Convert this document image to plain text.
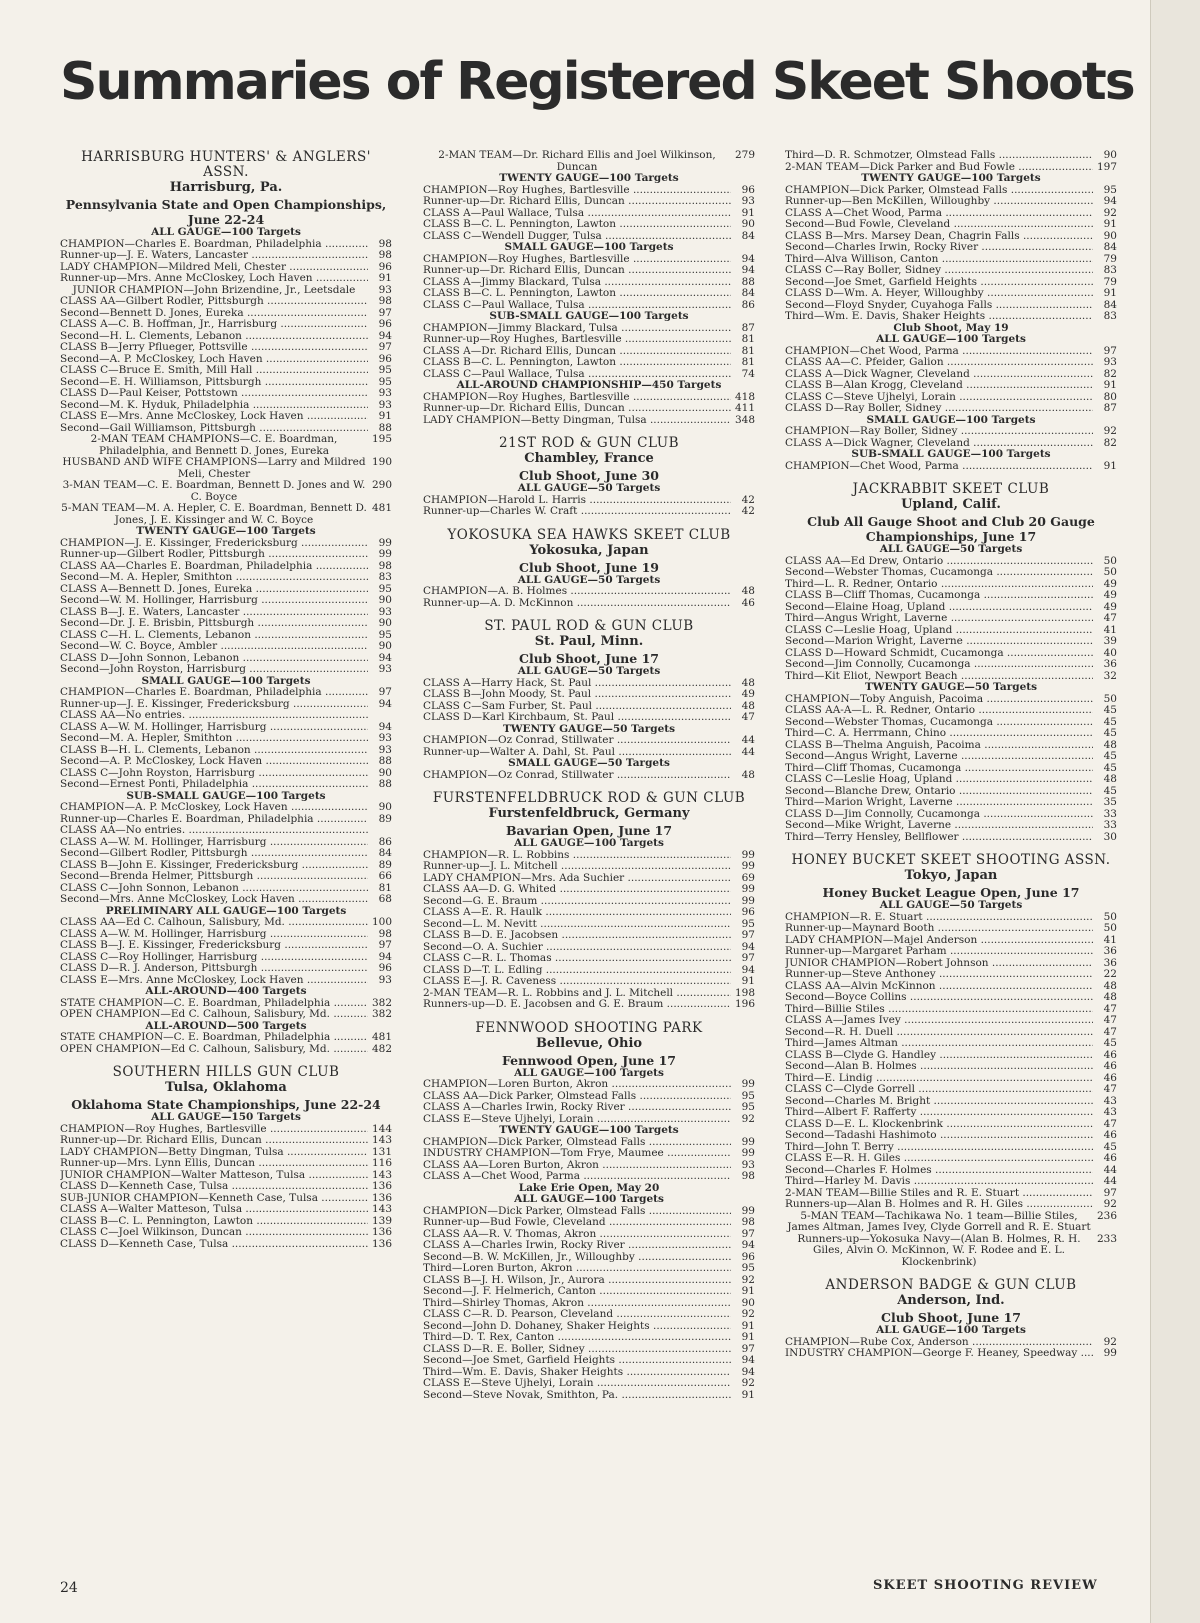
Summaries of Registered Skeet Shoots
HARRISBURG HUNTERS' & ANGLERS' ASSN.
Harrisburg, Pa.
Pennsylvania State and Open Championships, June 22-24
ALL GAUGE—100 Targets
CHAMPION—Charles E. Boardman, Philadelphia .....	98
Runner-up—J. E. Waters, Lancaster .....	98
LADY CHAMPION—Mildred Meli, Chester .....	96
Runner-up—Mrs. Anne McCloskey, Loch Haven .....	91
JUNIOR CHAMPION—John Brizendine, Jr., Leetsdale	93
CLASS AA—Gilbert Rodler, Pittsburgh .....	98
Second—Bennett D. Jones, Eureka .....	97
CLASS A—C. B. Hoffman, Jr., Harrisburg .....	96
Second—H. L. Clements, Lebanon .....	94
CLASS B—Jerry Pflueger, Pottsville .....	97
Second—A. P. McCloskey, Loch Haven .....	96
CLASS C—Bruce E. Smith, Mill Hall .....	95
Second—E. H. Williamson, Pittsburgh .....	95
CLASS D—Paul Keiser, Pottstown .....	93
Second—M. K. Hyduk, Philadelphia .....	93
CLASS E—Mrs. Anne McCloskey, Lock Haven .....	91
Second—Gail Williamson, Pittsburgh .....	88
2-MAN TEAM CHAMPIONS—C. E. Boardman, Philadelphia, and Bennett D. Jones, Eureka
195
HUSBAND AND WIFE CHAMPIONS—Larry and Mildred Meli, Chester
190
3-MAN TEAM—C. E. Boardman, Bennett D. Jones and W. C. Boyce
290
5-MAN TEAM—M. A. Hepler, C. E. Boardman, Bennett D. Jones, J. E. Kissinger and W. C. Boyce
481
TWENTY GAUGE—100 Targets
CHAMPION—J. E. Kissinger, Fredericksburg .....	99
Runner-up—Gilbert Rodler, Pittsburgh .....	99
CLASS AA—Charles E. Boardman, Philadelphia .....	98
Second—M. A. Hepler, Smithton .....	83
CLASS A—Bennett D. Jones, Eureka .....	95
Second—W. M. Hollinger, Harrisburg .....	90
CLASS B—J. E. Waters, Lancaster .....	93
Second—Dr. J. E. Brisbin, Pittsburgh .....	90
CLASS C—H. L. Clements, Lebanon .....	95
Second—W. C. Boyce, Ambler .....	90
CLASS D—John Sonnon, Lebanon .....	94
Second—John Royston, Harrisburg .....	93
SMALL GAUGE—100 Targets
CHAMPION—Charles E. Boardman, Philadelphia .....	97
Runner-up—J. E. Kissinger, Fredericksburg .....	94
CLASS AA—No entries. .....
CLASS A—W. M. Hollinger, Harrisburg .....	94
Second—M. A. Hepler, Smithton .....	93
CLASS B—H. L. Clements, Lebanon .....	93
Second—A. P. McCloskey, Lock Haven .....	88
CLASS C—John Royston, Harrisburg .....	90
Second—Ernest Ponti, Philadelphia .....	88
SUB-SMALL GAUGE—100 Targets
CHAMPION—A. P. McCloskey, Lock Haven .....	90
Runner-up—Charles E. Boardman, Philadelphia .....	89
CLASS AA—No entries. .....
CLASS A—W. M. Hollinger, Harrisburg .....	86
Second—Gilbert Rodler, Pittsburgh .....	84
CLASS B—John E. Kissinger, Fredericksburg .....	89
Second—Brenda Helmer, Pittsburgh .....	66
CLASS C—John Sonnon, Lebanon .....	81
Second—Mrs. Anne McCloskey, Lock Haven .....	68
PRELIMINARY ALL GAUGE—100 Targets
CLASS AA—Ed C. Calhoun, Salisbury, Md. .....	100
CLASS A—W. M. Hollinger, Harrisburg .....	98
CLASS B—J. E. Kissinger, Fredericksburg .....	97
CLASS C—Roy Hollinger, Harrisburg .....	94
CLASS D—R. J. Anderson, Pittsburgh .....	96
CLASS E—Mrs. Anne McCloskey, Lock Haven .....	93
ALL-AROUND—400 Targets
STATE CHAMPION—C. E. Boardman, Philadelphia .....	382
OPEN CHAMPION—Ed C. Calhoun, Salisbury, Md. .....	382
ALL-AROUND—500 Targets
STATE CHAMPION—C. E. Boardman, Philadelphia .....	481
OPEN CHAMPION—Ed C. Calhoun, Salisbury, Md. .....	482
SOUTHERN HILLS GUN CLUB
Tulsa, Oklahoma
Oklahoma State Championships, June 22-24
ALL GAUGE—150 Targets
CHAMPION—Roy Hughes, Bartlesville .....	144
Runner-up—Dr. Richard Ellis, Duncan .....	143
LADY CHAMPION—Betty Dingman, Tulsa .....	131
Runner-up—Mrs. Lynn Ellis, Duncan .....	116
JUNIOR CHAMPION—Walter Matteson, Tulsa .....	143
CLASS D—Kenneth Case, Tulsa .....	136
SUB-JUNIOR CHAMPION—Kenneth Case, Tulsa .....	136
CLASS A—Walter Matteson, Tulsa .....	143
CLASS B—C. L. Pennington, Lawton .....	139
CLASS C—Joel Wilkinson, Duncan .....	136
CLASS D—Kenneth Case, Tulsa .....	136
2-MAN TEAM—Dr. Richard Ellis and Joel Wilkinson, Duncan
279
TWENTY GAUGE—100 Targets
CHAMPION—Roy Hughes, Bartlesville .....	96
Runner-up—Dr. Richard Ellis, Duncan .....	93
CLASS A—Paul Wallace, Tulsa .....	91
CLASS B—C. L. Pennington, Lawton .....	90
CLASS C—Wendell Dugger, Tulsa .....	84
SMALL GAUGE—100 Targets
CHAMPION—Roy Hughes, Bartlesville .....	94
Runner-up—Dr. Richard Ellis, Duncan .....	94
CLASS A—Jimmy Blackard, Tulsa .....	88
CLASS B—C. L. Pennington, Lawton .....	84
CLASS C—Paul Wallace, Tulsa .....	86
SUB-SMALL GAUGE—100 Targets
CHAMPION—Jimmy Blackard, Tulsa .....	87
Runner-up—Roy Hughes, Bartlesville .....	81
CLASS A—Dr. Richard Ellis, Duncan .....	81
CLASS B—C. L. Pennington, Lawton .....	81
CLASS C—Paul Wallace, Tulsa .....	74
ALL-AROUND CHAMPIONSHIP—450 Targets
CHAMPION—Roy Hughes, Bartlesville .....	418
Runner-up—Dr. Richard Ellis, Duncan .....	411
LADY CHAMPION—Betty Dingman, Tulsa .....	348
21ST ROD & GUN CLUB
Chambley, France
Club Shoot, June 30
ALL GAUGE—50 Targets
CHAMPION—Harold L. Harris .....	42
Runner-up—Charles W. Craft .....	42
YOKOSUKA SEA HAWKS SKEET CLUB
Yokosuka, Japan
Club Shoot, June 19
ALL GAUGE—50 Targets
CHAMPION—A. B. Holmes .....	48
Runner-up—A. D. McKinnon .....	46
ST. PAUL ROD & GUN CLUB
St. Paul, Minn.
Club Shoot, June 17
ALL GAUGE—50 Targets
CLASS A—Harry Hack, St. Paul .....	48
CLASS B—John Moody, St. Paul .....	49
CLASS C—Sam Furber, St. Paul .....	48
CLASS D—Karl Kirchbaum, St. Paul .....	47
TWENTY GAUGE—50 Targets
CHAMPION—Oz Conrad, Stillwater .....	44
Runner-up—Walter A. Dahl, St. Paul .....	44
SMALL GAUGE—50 Targets
CHAMPION—Oz Conrad, Stillwater .....	48
FURSTENFELDBRUCK ROD & GUN CLUB
Furstenfeldbruck, Germany
Bavarian Open, June 17
ALL GAUGE—100 Targets
CHAMPION—R. L. Robbins .....	99
Runner-up—J. L. Mitchell .....	99
LADY CHAMPION—Mrs. Ada Suchier .....	69
CLASS AA—D. G. Whited .....	99
Second—G. E. Braum .....	99
CLASS A—E. R. Haulk .....	96
Second—L. M. Nevitt .....	95
CLASS B—D. E. Jacobsen .....	97
Second—O. A. Suchier .....	94
CLASS C—R. L. Thomas .....	97
CLASS D—T. L. Edling .....	94
CLASS E—J. R. Caveness .....	91
2-MAN TEAM—R. L. Robbins and J. L. Mitchell .....	198
Runners-up—D. E. Jacobsen and G. E. Braum .....	196
FENNWOOD SHOOTING PARK
Bellevue, Ohio
Fennwood Open, June 17
ALL GAUGE—100 Targets
CHAMPION—Loren Burton, Akron .....	99
CLASS AA—Dick Parker, Olmstead Falls .....	95
CLASS A—Charles Irwin, Rocky River .....	95
CLASS E—Steve Ujhelyi, Lorain .....	92
TWENTY GAUGE—100 Targets
CHAMPION—Dick Parker, Olmstead Falls .....	99
INDUSTRY CHAMPION—Tom Frye, Maumee .....	99
CLASS AA—Loren Burton, Akron .....	93
CLASS A—Chet Wood, Parma .....	98
Lake Erie Open, May 20
ALL GAUGE—100 Targets
CHAMPION—Dick Parker, Olmstead Falls .....	99
Runner-up—Bud Fowle, Cleveland .....	98
CLASS AA—R. V. Thomas, Akron .....	97
CLASS A—Charles Irwin, Rocky River .....	94
Second—B. W. McKillen, Jr., Willoughby .....	96
Third—Loren Burton, Akron .....	95
CLASS B—J. H. Wilson, Jr., Aurora .....	92
Second—J. F. Helmerich, Canton .....	91
Third—Shirley Thomas, Akron .....	90
CLASS C—R. D. Pearson, Cleveland .....	92
Second—John D. Dohaney, Shaker Heights .....	91
Third—D. T. Rex, Canton .....	91
CLASS D—R. E. Boller, Sidney .....	97
Second—Joe Smet, Garfield Heights .....	94
Third—Wm. E. Davis, Shaker Heights .....	94
CLASS E—Steve Ujhelyi, Lorain .....	92
Second—Steve Novak, Smithton, Pa. .....	91
Third—D. R. Schmotzer, Olmstead Falls .....	90
2-MAN TEAM—Dick Parker and Bud Fowle .....	197
TWENTY GAUGE—100 Targets
CHAMPION—Dick Parker, Olmstead Falls .....	95
Runner-up—Ben McKillen, Willoughby .....	94
CLASS A—Chet Wood, Parma .....	92
Second—Bud Fowle, Cleveland .....	91
CLASS B—Mrs. Marsey Dean, Chagrin Falls .....	90
Second—Charles Irwin, Rocky River .....	84
Third—Alva Willison, Canton .....	79
CLASS C—Ray Boller, Sidney .....	83
Second—Joe Smet, Garfield Heights .....	79
CLASS D—Wm. A. Heyer, Willoughby .....	91
Second—Floyd Snyder, Cuyahoga Falls .....	84
Third—Wm. E. Davis, Shaker Heights .....	83
Club Shoot, May 19
ALL GAUGE—100 Targets
CHAMPION—Chet Wood, Parma .....	97
CLASS AA—C. Pfeider, Galion .....	93
CLASS A—Dick Wagner, Cleveland .....	82
CLASS B—Alan Krogg, Cleveland .....	91
CLASS C—Steve Ujhelyi, Lorain .....	80
CLASS D—Ray Boller, Sidney .....	87
SMALL GAUGE—100 Targets
CHAMPION—Ray Boller, Sidney .....	92
CLASS A—Dick Wagner, Cleveland .....	82
SUB-SMALL GAUGE—100 Targets
CHAMPION—Chet Wood, Parma .....	91
JACKRABBIT SKEET CLUB
Upland, Calif.
Club All Gauge Shoot and Club 20 Gauge Championships, June 17
ALL GAUGE—50 Targets
CLASS AA—Ed Drew, Ontario .....	50
Second—Webster Thomas, Cucamonga .....	50
Third—L. R. Redner, Ontario .....	49
CLASS B—Cliff Thomas, Cucamonga .....	49
Second—Elaine Hoag, Upland .....	49
Third—Angus Wright, Laverne .....	47
CLASS C—Leslie Hoag, Upland .....	41
Second—Marion Wright, Laverne .....	39
CLASS D—Howard Schmidt, Cucamonga .....	40
Second—Jim Connolly, Cucamonga .....	36
Third—Kit Eliot, Newport Beach .....	32
TWENTY GAUGE—50 Targets
CHAMPION—Toby Anguish, Pacoima .....	50
CLASS AA-A—L. R. Redner, Ontario .....	45
Second—Webster Thomas, Cucamonga .....	45
Third—C. A. Herrmann, Chino .....	45
CLASS B—Thelma Anguish, Pacoima .....	48
Second—Angus Wright, Laverne .....	45
Third—Cliff Thomas, Cucamonga .....	45
CLASS C—Leslie Hoag, Upland .....	48
Second—Blanche Drew, Ontario .....	45
Third—Marion Wright, Laverne .....	35
CLASS D—Jim Connolly, Cucamonga .....	33
Second—Mike Wright, Laverne .....	33
Third—Terry Hensley, Bellflower .....	30
HONEY BUCKET SKEET SHOOTING ASSN.
Tokyo, Japan
Honey Bucket League Open, June 17
ALL GAUGE—50 Targets
CHAMPION—R. E. Stuart .....	50
Runner-up—Maynard Booth .....	50
LADY CHAMPION—Majel Anderson .....	41
Runner-up—Margaret Parham .....	36
JUNIOR CHAMPION—Robert Johnson .....	36
Runner-up—Steve Anthoney .....	22
CLASS AA—Alvin McKinnon .....	48
Second—Boyce Collins .....	48
Third—Billie Stiles .....	47
CLASS A—James Ivey .....	47
Second—R. H. Duell .....	47
Third—James Altman .....	45
CLASS B—Clyde G. Handley .....	46
Second—Alan B. Holmes .....	46
Third—E. Lindig .....	46
CLASS C—Clyde Gorrell .....	47
Second—Charles M. Bright .....	43
Third—Albert F. Rafferty .....	43
CLASS D—E. L. Klockenbrink .....	47
Second—Tadashi Hashimoto .....	46
Third—John T. Berry .....	45
CLASS E—R. H. Giles .....	46
Second—Charles F. Holmes .....	44
Third—Harley M. Davis .....	44
2-MAN TEAM—Billie Stiles and R. E. Stuart .....	97
Runners-up—Alan B. Holmes and R. H. Giles .....	92
5-MAN TEAM—Tachikawa No. 1 team—Billie Stiles, James Altman, James Ivey, Clyde Gorrell and R. E. Stuart
236
Runners-up—Yokosuka Navy—(Alan B. Holmes, R. H. Giles, Alvin O. McKinnon, W. F. Rodee and E. L. Klockenbrink)
233
ANDERSON BADGE & GUN CLUB
Anderson, Ind.
Club Shoot, June 17
ALL GAUGE—100 Targets
CHAMPION—Rube Cox, Anderson .....	92
INDUSTRY CHAMPION—George F. Heaney, Speedway .....	99
24	SKEET SHOOTING REVIEW
